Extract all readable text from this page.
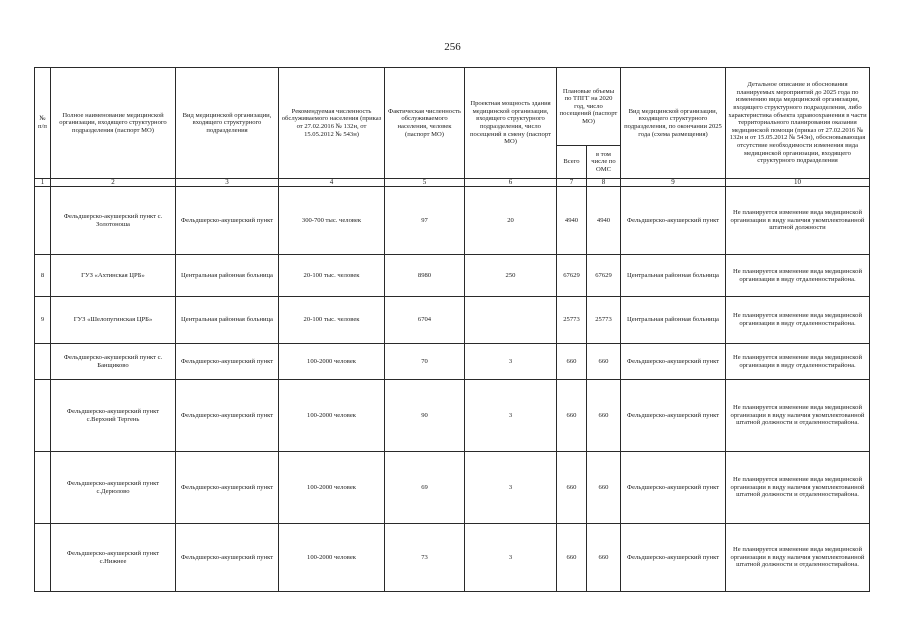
256
№ п/п	Полное наименование медицинской организации, входящего структурного подразделения (паспорт МО)	Вид медицинской организации, входящего структурного подразделения	Рекомендуемая численность обслуживаемого населения (приказ от 27.02.2016 № 132н, от 15.05.2012 № 543н)	Фактическая численность обслуживаемого населения, человек (паспорт МО)	Проектная мощность здания медицинской организации, входящего структурного подразделения, число посещений в смену (паспорт МО)	Плановые объемы по ТПГГ на 2020 год, число посещений (паспорт МО)		Вид медицинской организации, входящего структурного подразделения, по окончании 2025 года (схема размещения)	Детальное описание и обоснования планируемых мероприятий до 2025 года по изменению вида медицинской организации, входящего структурного подразделения, либо характеристика объекта здравоохранения в части территориального планирования оказания медицинской помощи (приказ от 27.02.2016 № 132н и от 15.05.2012 № 543н), обосновывающая отсутствие необходимости изменения вида медицинской организации, входящего структурного подразделения
						Всего	в том числе по ОМС		
1	2	3	4	5	6	7	8	9	10
	Фельдшерско-акушерский пункт с. Золотоноша	Фельдшерско-акушерский пункт	300-700 тыс. человек	97	20	4940	4940	Фельдшерско-акушерский пункт	Не планируется изменение вида медицинской организации в виду наличия укомплектованной штатной должности
8	ГУЗ «Ахтинская ЦРБ»	Центральная районная больница	20-100 тыс. человек	8980	250	67629	67629	Центральная районная больница	Не планируется изменение вида медицинской организации в виду отдаленностирайона.
9	ГУЗ «Шелопугинская ЦРБ»	Центральная районная больница	20-100 тыс. человек	6704		25773	25773	Центральная районная больница	Не планируется изменение вида медицинской организации в виду отдаленностирайона.
	Фельдшерско-акушерский пункт с. Банщиково	Фельдшерско-акушерский пункт	100-2000 человек	70	3	660	660	Фельдшерско-акушерский пункт	Не планируется изменение вида медицинской организации в виду отдаленностирайона.
	Фельдшерско-акушерский пункт с.Верхний Тергень	Фельдшерско-акушерский пункт	100-2000 человек	90	3	660	660	Фельдшерско-акушерский пункт	Не планируется изменение вида медицинской организации в виду наличия укомплектованной штатной должности и отдаленностирайона.
	Фельдшерско-акушерский пункт с.Дерюлово	Фельдшерско-акушерский пункт	100-2000 человек	69	3	660	660	Фельдшерско-акушерский пункт	Не планируется изменение вида медицинской организации в виду наличия укомплектованной штатной должности и отдаленностирайона.
	Фельдшерско-акушерский пункт с.Нижнее	Фельдшерско-акушерский пункт	100-2000 человек	73	3	660	660	Фельдшерско-акушерский пункт	Не планируется изменение вида медицинской организации в виду наличия укомплектованной штатной должности и отдаленностирайона.
